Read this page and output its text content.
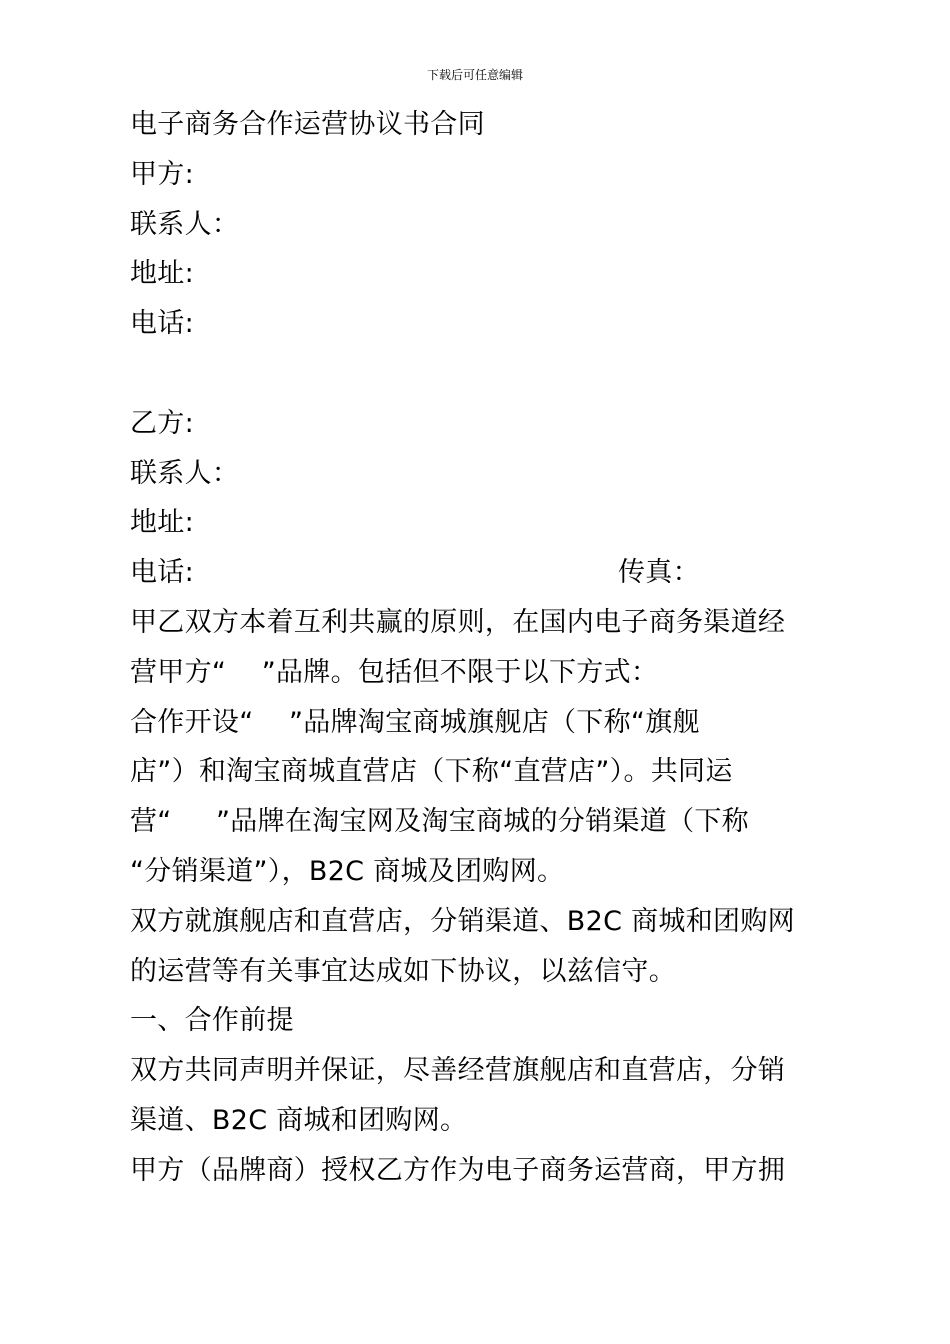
下载后可任意编辑
电子商务合作运营协议书合同
甲方:
联系人：
地址:
电话:
乙方:
联系人：
地址:
电话:	传真：
甲乙双方本着互利共赢的原则，在国内电子商务渠道经
营甲方“    ”品牌。包括但不限于以下方式：
合作开设“    ”品牌淘宝商城旗舰店（下称“旗舰
店”）和淘宝商城直营店（下称“直营店”）。共同运
营“     ”品牌在淘宝网及淘宝商城的分销渠道（下称
“分销渠道”），B2C 商城及团购网。
双方就旗舰店和直营店，分销渠道、B2C 商城和团购网
的运营等有关事宜达成如下协议，以兹信守。
一、合作前提
双方共同声明并保证，尽善经营旗舰店和直营店，分销
渠道、B2C 商城和团购网。
甲方（品牌商）授权乙方作为电子商务运营商，甲方拥
